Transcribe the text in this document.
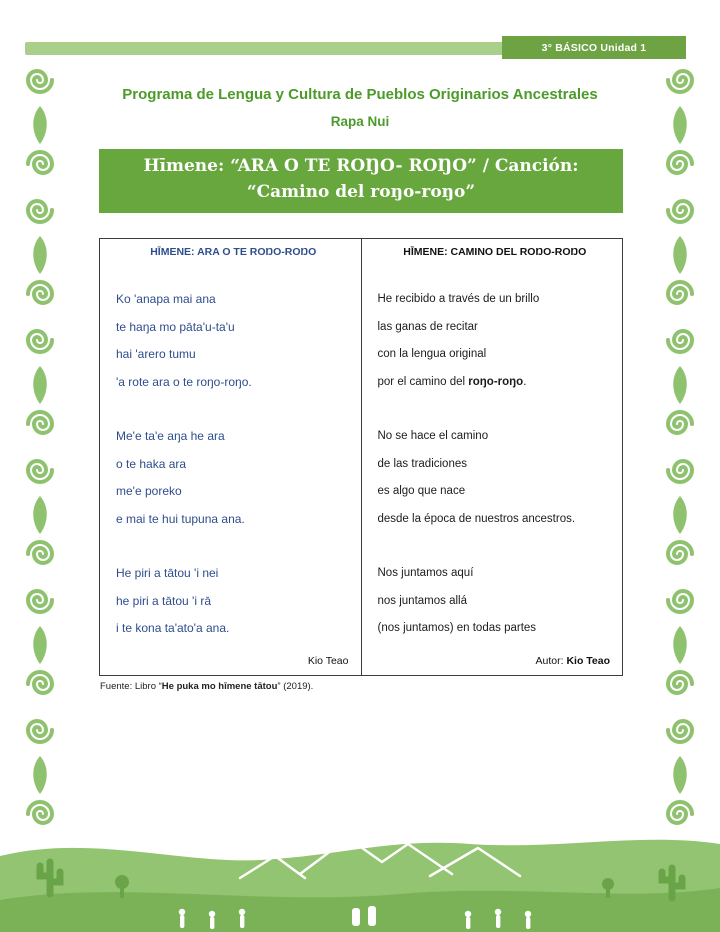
3° BÁSICO Unidad 1
Programa de Lengua y Cultura de Pueblos Originarios Ancestrales
Rapa Nui
Hīmene: “ARA O TE ROŊO- ROŊO” / Canción: “Camino del roŋo-roŋo”
HĪMENE: ARA O TE ROŊO-ROŊO
Ko 'anapa mai ana
te haŋa mo pāta'u-ta'u
hai 'arero tumu
'a rote ara o te roŋo-roŋo.
Me'e ta'e aŋa he ara
o te haka ara
me'e poreko
e mai te hui tupuna ana.
He piri a tātou 'i nei
he piri a tātou 'i rā
i te kona ta'ato'a ana.
Kio Teao
HĪMENE: CAMINO DEL ROŊO-ROŊO
He recibido a través de un brillo
las ganas de recitar
con la lengua original
por el camino del roŋo-roŋo.
No se hace el camino
de las tradiciones
es algo que nace
desde la época de nuestros ancestros.
Nos juntamos aquí
nos juntamos allá
(nos juntamos) en todas partes
Autor: Kio Teao
Fuente: Libro “He puka mo hīmene tātou” (2019).
